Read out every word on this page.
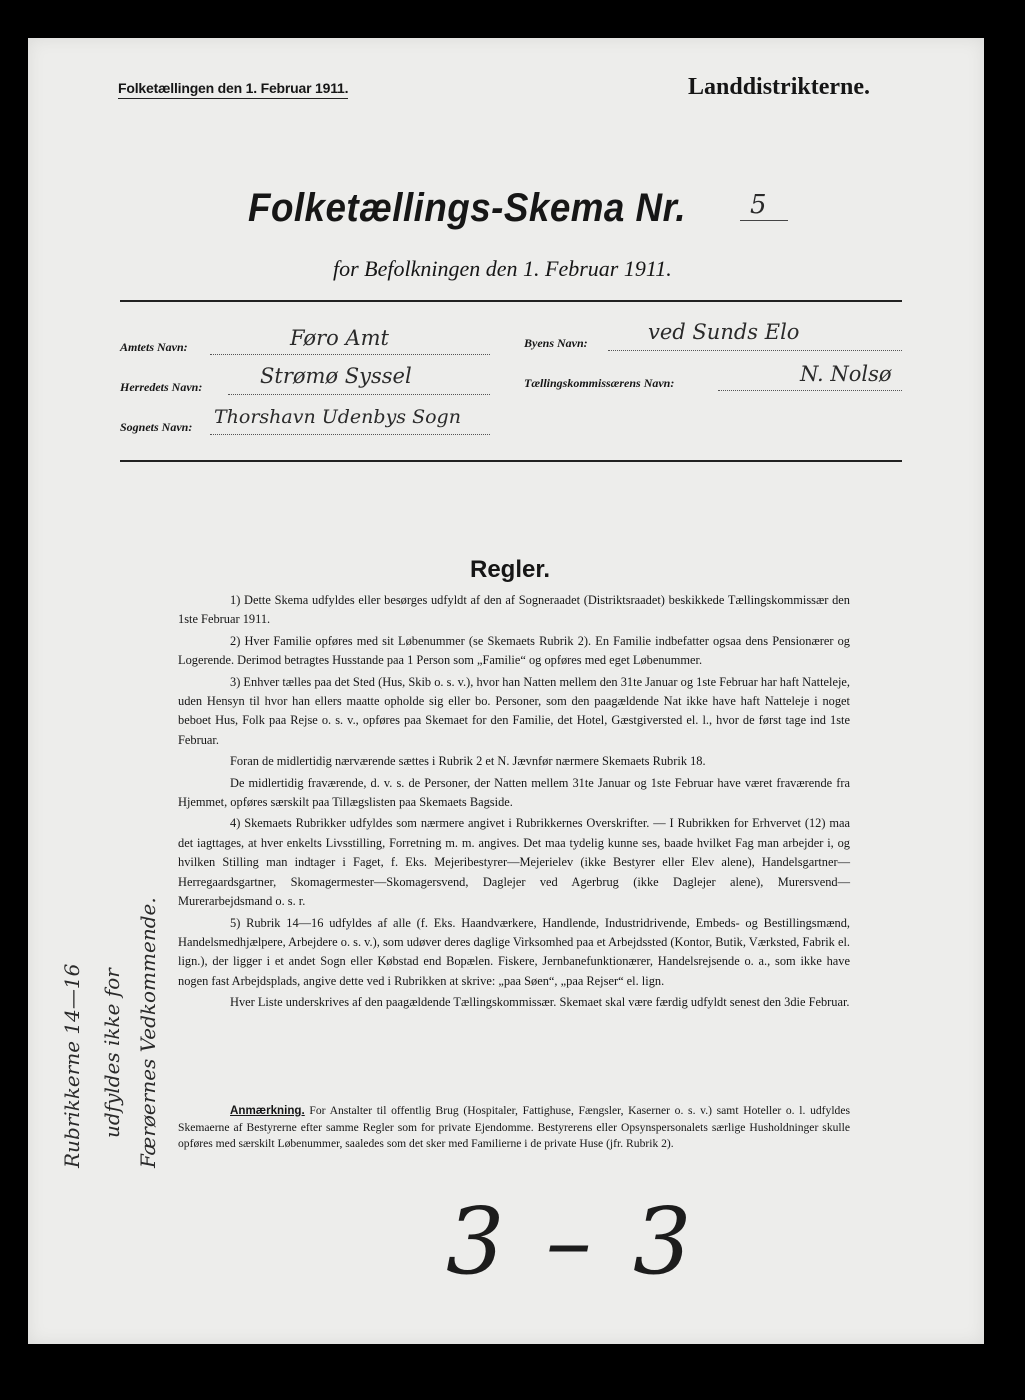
Folketællingen den 1. Februar 1911.	Landdistrikterne.
Folketællings-Skema Nr. 5
for Befolkningen den 1. Februar 1911.
Amtets Navn:	Føro Amt	Byens Navn:	ved Sunds Elo
Herredets Navn:	Strømø Syssel	Tællingskommissærens Navn:	N. Nolsø
Sognets Navn: Thorshavn Udenbys Sogn
Regler.

1) Dette Skema udfyldes eller besørges udfyldt af den af Sogneraadet (Distriktsraadet) beskikkede Tællingskommissær den 1ste Februar 1911.

2) Hver Familie opføres med sit Løbenummer (se Skemaets Rubrik 2). En Familie indbefatter ogsaa dens Pensionærer og Logerende. Derimod betragtes Husstande paa 1 Person som „Familie“ og opføres med eget Løbenummer.

3) Enhver tælles paa det Sted (Hus, Skib o. s. v.), hvor han Natten mellem den 31te Januar og 1ste Februar har haft Natteleje, uden Hensyn til hvor han ellers maatte opholde sig eller bo. Personer, som den paagældende Nat ikke have haft Natteleje i noget beboet Hus, Folk paa Rejse o. s. v., opføres paa Skemaet for den Familie, det Hotel, Gæstgiversted el. l., hvor de først tage ind 1ste Februar.

Foran de midlertidig nærværende sættes i Rubrik 2 et N. Jævnfør nærmere Skemaets Rubrik 18.

De midlertidig fraværende, d. v. s. de Personer, der Natten mellem 31te Januar og 1ste Februar have været fraværende fra Hjemmet, opføres særskilt paa Tillægslisten paa Skemaets Bagside.

4) Skemaets Rubrikker udfyldes som nærmere angivet i Rubrikkernes Overskrifter. — I Rubrikken for Erhvervet (12) maa det iagttages, at hver enkelts Livsstilling, Forretning m. m. angives. Det maa tydelig kunne ses, baade hvilket Fag man arbejder i, og hvilken Stilling man indtager i Faget, f. Eks. Mejeribestyrer—Mejerielev (ikke Bestyrer eller Elev alene), Handelsgartner—Herregaardsgartner, Skomagermester—Skomagersvend, Daglejer ved Agerbrug (ikke Daglejer alene), Murersvend—Murerarbejdsmand o. s. r.

5) Rubrik 14—16 udfyldes af alle (f. Eks. Haandværkere, Handlende, Industridrivende, Embeds- og Bestillingsmænd, Handelsmedhjælpere, Arbejdere o. s. v.), som udøver deres daglige Virksomhed paa et Arbejdssted (Kontor, Butik, Værksted, Fabrik el. lign.), der ligger i et andet Sogn eller Købstad end Bopælen. Fiskere, Jernbanefunktionærer, Handelsrejsende o. a., som ikke have nogen fast Arbejdsplads, angive dette ved i Rubrikken at skrive: „paa Søen“, „paa Rejser“ el. lign.

Hver Liste underskrives af den paagældende Tællingskommissær. Skemaet skal være færdig udfyldt senest den 3die Februar.

Anmærkning. For Anstalter til offentlig Brug (Hospitaler, Fattighuse, Fængsler, Kaserner o. s. v.) samt Hoteller o. l. udfyldes Skemaerne af Bestyrerne efter samme Regler som for private Ejendomme. Bestyrerens eller Opsynspersonalets særlige Husholdninger skulle opføres med særskilt Løbenummer, saaledes som det sker med Familierne i de private Huse (jfr. Rubrik 2).
Rubrikkerne 14—16 udfyldes ikke for Færøernes Vedkommende.
3 – 3
